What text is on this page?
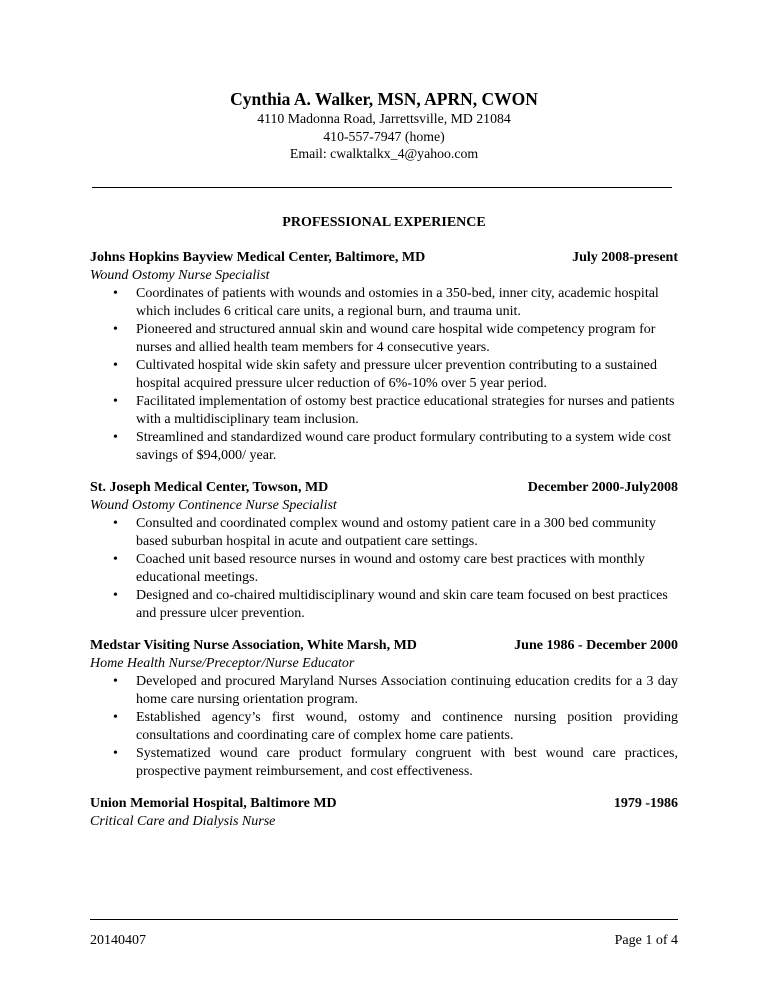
Cynthia A. Walker, MSN, APRN, CWON
4110 Madonna Road, Jarrettsville, MD 21084
410-557-7947 (home)
Email: cwalktalkx_4@yahoo.com
PROFESSIONAL EXPERIENCE
Johns Hopkins Bayview Medical Center, Baltimore, MD	July 2008-present
Wound Ostomy Nurse Specialist
• Coordinates of patients with wounds and ostomies in a 350-bed, inner city, academic hospital which includes 6 critical care units, a regional burn, and trauma unit.
• Pioneered and structured annual skin and wound care hospital wide competency program for nurses and allied health team members for 4 consecutive years.
• Cultivated hospital wide skin safety and pressure ulcer prevention contributing to a sustained hospital acquired pressure ulcer reduction of 6%-10% over 5 year period.
• Facilitated implementation of ostomy best practice educational strategies for nurses and patients with a multidisciplinary team inclusion.
• Streamlined and standardized wound care product formulary contributing to a system wide cost savings of $94,000/ year.
St. Joseph Medical Center, Towson, MD	December 2000-July2008
Wound Ostomy Continence Nurse Specialist
• Consulted and coordinated complex wound and ostomy patient care in a 300 bed community based suburban hospital in acute and outpatient care settings.
• Coached unit based resource nurses in wound and ostomy care best practices with monthly educational meetings.
• Designed and co-chaired multidisciplinary wound and skin care team focused on best practices and pressure ulcer prevention.
Medstar Visiting Nurse Association, White Marsh, MD	June 1986 - December 2000
Home Health Nurse/Preceptor/Nurse Educator
• Developed and procured Maryland Nurses Association continuing education credits for a 3 day home care nursing orientation program.
• Established agency’s first wound, ostomy and continence nursing position providing consultations and coordinating care of complex home care patients.
• Systematized wound care product formulary congruent with best wound care practices, prospective payment reimbursement, and cost effectiveness.
Union Memorial Hospital, Baltimore MD	1979 -1986
Critical Care and Dialysis Nurse
20140407	Page 1 of 4
